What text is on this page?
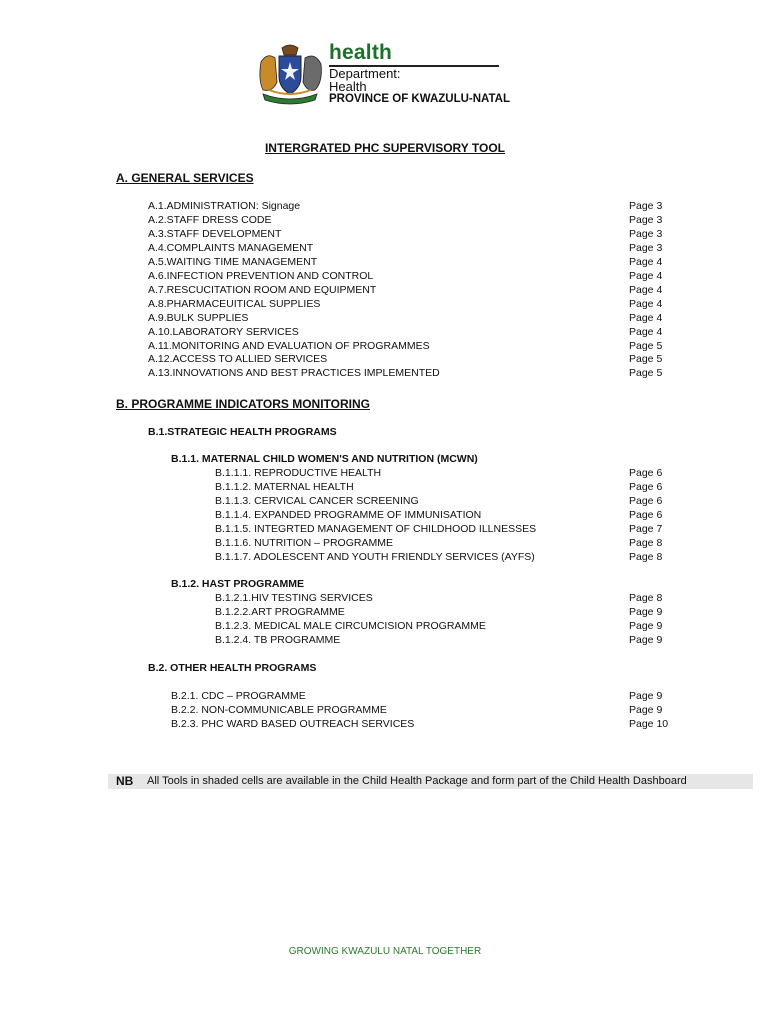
health
Department:
Health
PROVINCE OF KWAZULU-NATAL
INTERGRATED PHC SUPERVISORY TOOL
A. GENERAL SERVICES
A.1.ADMINISTRATION: Signage	Page 3
A.2.STAFF DRESS CODE	Page 3
A.3.STAFF DEVELOPMENT	Page 3
A.4.COMPLAINTS MANAGEMENT	Page 3
A.5.WAITING TIME MANAGEMENT	Page 4
A.6.INFECTION PREVENTION AND CONTROL	Page 4
A.7.RESCUCITATION ROOM AND EQUIPMENT	Page 4
A.8.PHARMACEUITICAL SUPPLIES	Page 4
A.9.BULK SUPPLIES	Page 4
A.10.LABORATORY SERVICES	Page 4
A.11.MONITORING AND EVALUATION OF PROGRAMMES	Page 5
A.12.ACCESS TO ALLIED SERVICES	Page 5
A.13.INNOVATIONS AND BEST PRACTICES IMPLEMENTED	Page 5
B.1.1.1. REPRODUCTIVE HEALTH	Page 6
B.1.1.2. MATERNAL HEALTH	Page 6
B.1.1.3. CERVICAL CANCER SCREENING	Page 6
B.1.1.4. EXPANDED PROGRAMME OF IMMUNISATION	Page 6
B.1.1.5. INTEGRTED MANAGEMENT OF CHILDHOOD ILLNESSES	Page 7
B.1.1.6. NUTRITION – PROGRAMME	Page 8
B.1.1.7. ADOLESCENT AND YOUTH FRIENDLY SERVICES (AYFS)	Page 8
B.1.2.1.HIV TESTING SERVICES	Page 8
B.1.2.2.ART PROGRAMME	Page 9
B.1.2.3. MEDICAL MALE CIRCUMCISION PROGRAMME	Page 9
B.1.2.4. TB PROGRAMME	Page 9
B.2.1. CDC – PROGRAMME	Page 9
B.2.2. NON-COMMUNICABLE PROGRAMME	Page 9
B.2.3. PHC WARD BASED OUTREACH SERVICES	Page 10
B. PROGRAMME INDICATORS MONITORING
B.1.STRATEGIC HEALTH PROGRAMS
B.1.1. MATERNAL CHILD WOMEN'S AND NUTRITION (MCWN)
B.1.2. HAST PROGRAMME
B.2. OTHER HEALTH PROGRAMS
NB All Tools in shaded cells are available in the Child Health Package and form part of the Child Health Dashboard
GROWING KWAZULU NATAL TOGETHER
